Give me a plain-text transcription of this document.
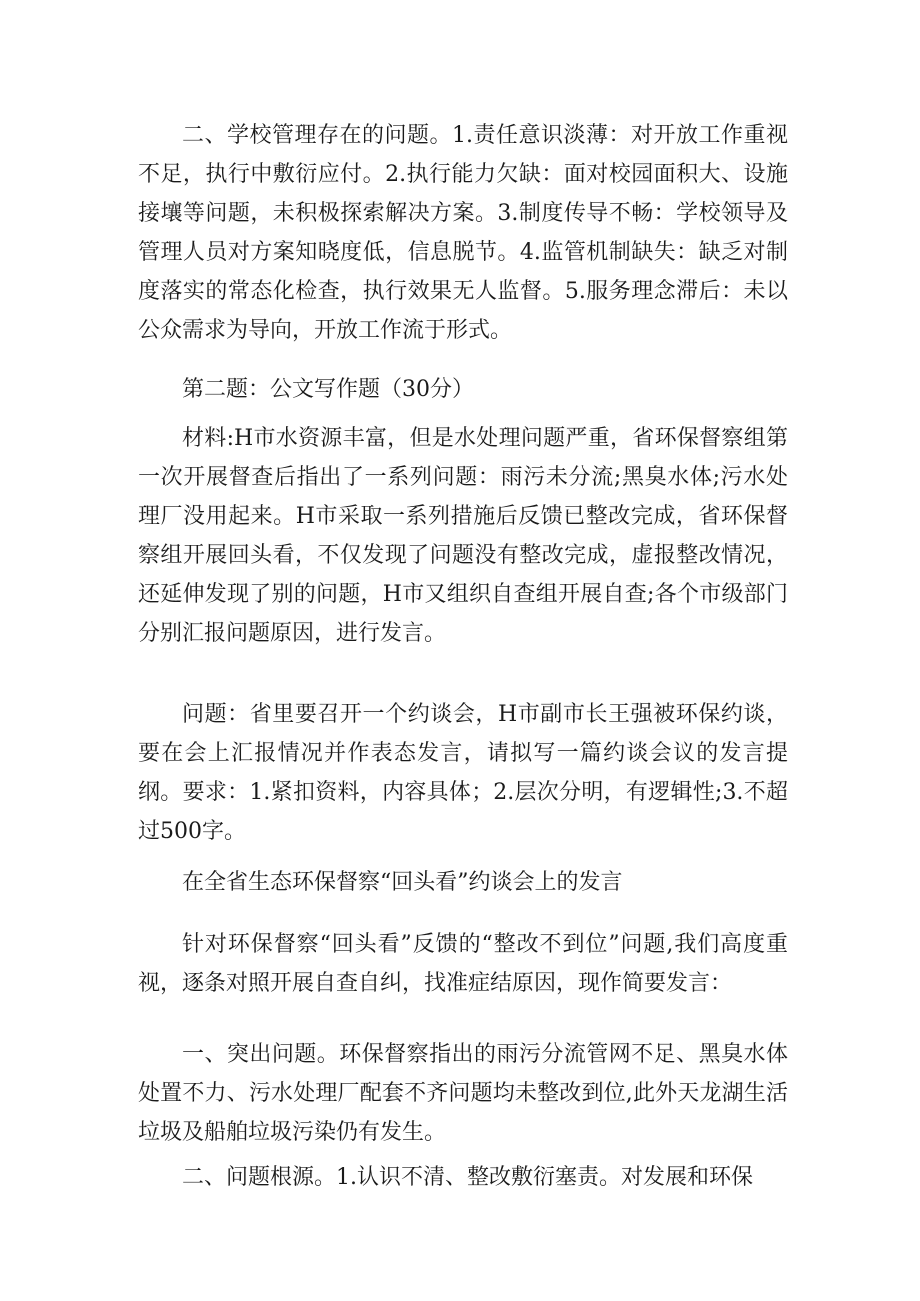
二、学校管理存在的问题。1.责任意识淡薄：对开放工作重视不足，执行中敷衍应付。2.执行能力欠缺：面对校园面积大、设施接壤等问题，未积极探索解决方案。3.制度传导不畅：学校领导及管理人员对方案知晓度低，信息脱节。4.监管机制缺失：缺乏对制度落实的常态化检查，执行效果无人监督。5.服务理念滞后：未以公众需求为导向，开放工作流于形式。

第二题：公文写作题（30分）

材料:H市水资源丰富，但是水处理问题严重，省环保督察组第一次开展督查后指出了一系列问题：雨污未分流;黑臭水体;污水处理厂没用起来。H市采取一系列措施后反馈已整改完成，省环保督察组开展回头看，不仅发现了问题没有整改完成，虚报整改情况，还延伸发现了别的问题，H市又组织自查组开展自查;各个市级部门分别汇报问题原因，进行发言。

问题：省里要召开一个约谈会，H市副市长王强被环保约谈，要在会上汇报情况并作表态发言，请拟写一篇约谈会议的发言提纲。要求：1.紧扣资料，内容具体；2.层次分明，有逻辑性;3.不超过500字。

在全省生态环保督察“回头看”约谈会上的发言

针对环保督察“回头看”反馈的“整改不到位”问题,我们高度重视，逐条对照开展自查自纠，找准症结原因，现作简要发言：

一、突出问题。环保督察指出的雨污分流管网不足、黑臭水体处置不力、污水处理厂配套不齐问题均未整改到位,此外天龙湖生活垃圾及船舶垃圾污染仍有发生。

二、问题根源。1.认识不清、整改敷衍塞责。对发展和环保
